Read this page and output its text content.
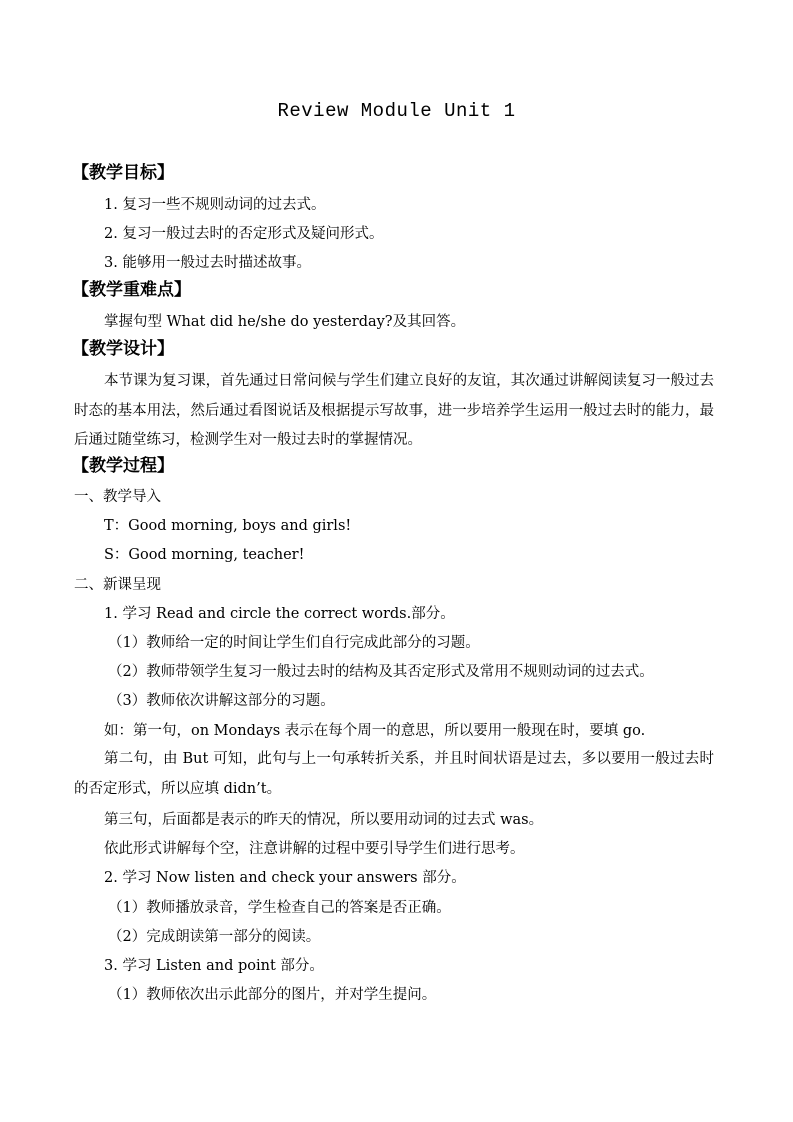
Review Module Unit 1
【教学目标】
1. 复习一些不规则动词的过去式。
2. 复习一般过去时的否定形式及疑问形式。
3. 能够用一般过去时描述故事。
【教学重难点】
掌握句型 What did he/she do yesterday?及其回答。
【教学设计】
本节课为复习课，首先通过日常问候与学生们建立良好的友谊，其次通过讲解阅读复习一般过去时态的基本用法，然后通过看图说话及根据提示写故事，进一步培养学生运用一般过去时的能力，最后通过随堂练习，检测学生对一般过去时的掌握情况。
【教学过程】
一、教学导入
T：Good morning, boys and girls!
S：Good morning, teacher!
二、新课呈现
1. 学习 Read and circle the correct words.部分。
（1）教师给一定的时间让学生们自行完成此部分的习题。
（2）教师带领学生复习一般过去时的结构及其否定形式及常用不规则动词的过去式。
（3）教师依次讲解这部分的习题。
如：第一句，on Mondays 表示在每个周一的意思，所以要用一般现在时，要填 go.
第二句，由 But 可知，此句与上一句承转折关系，并且时间状语是过去，多以要用一般过去时的否定形式，所以应填 didn’t。
第三句，后面都是表示的昨天的情况，所以要用动词的过去式 was。
依此形式讲解每个空，注意讲解的过程中要引导学生们进行思考。
2. 学习 Now listen and check your answers 部分。
（1）教师播放录音，学生检查自己的答案是否正确。
（2）完成朗读第一部分的阅读。
3. 学习 Listen and point 部分。
（1）教师依次出示此部分的图片，并对学生提问。
